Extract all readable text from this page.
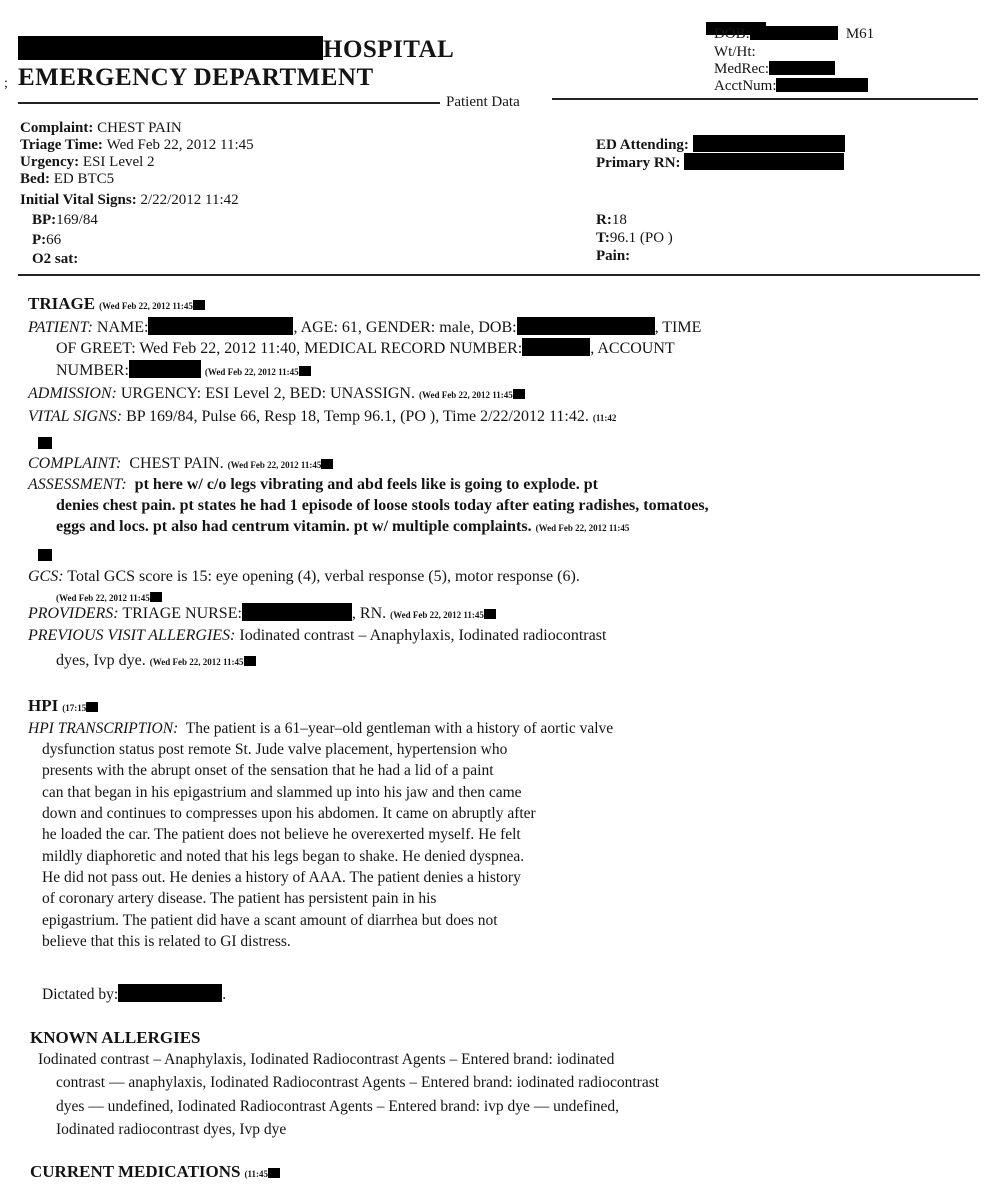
;
HOSPITAL
EMERGENCY DEPARTMENT
DOB:	M61
Wt/Ht:
MedRec:
AcctNum:
Patient Data
Complaint: CHEST PAIN
Triage Time: Wed Feb 22, 2012 11:45
Urgency: ESI Level 2
Bed: ED BTC5
Initial Vital Signs: 2/22/2012 11:42
BP:169/84
P:66
O2 sat:
ED Attending:
Primary RN:
R:18
T:96.1 (PO )
Pain:
TRIAGE (Wed Feb 22, 2012 11:45
PATIENT: NAME:	, AGE: 61, GENDER: male, DOB:	, TIME
OF GREET: Wed Feb 22, 2012 11:40, MEDICAL RECORD NUMBER:	, ACCOUNT
NUMBER:	(Wed Feb 22, 2012 11:45
ADMISSION: URGENCY: ESI Level 2, BED: UNASSIGN. (Wed Feb 22, 2012 11:45
VITAL SIGNS: BP 169/84, Pulse 66, Resp 18, Temp 96.1, (PO ), Time 2/22/2012 11:42. (11:42
COMPLAINT: CHEST PAIN. (Wed Feb 22, 2012 11:45
ASSESSMENT: pt here w/ c/o legs vibrating and abd feels like is going to explode. pt
denies chest pain. pt states he had 1 episode of loose stools today after eating radishes, tomatoes,
eggs and locs. pt also had centrum vitamin. pt w/ multiple complaints. (Wed Feb 22, 2012 11:45
GCS: Total GCS score is 15: eye opening (4), verbal response (5), motor response (6).
(Wed Feb 22, 2012 11:45
PROVIDERS: TRIAGE NURSE:	, RN. (Wed Feb 22, 2012 11:45
PREVIOUS VISIT ALLERGIES: Iodinated contrast – Anaphylaxis, Iodinated radiocontrast
dyes, Ivp dye. (Wed Feb 22, 2012 11:45
HPI (17:15
HPI TRANSCRIPTION: The patient is a 61–year–old gentleman with a history of aortic valve
dysfunction status post remote St. Jude valve placement, hypertension who
presents with the abrupt onset of the sensation that he had a lid of a paint
can that began in his epigastrium and slammed up into his jaw and then came
down and continues to compresses upon his abdomen. It came on abruptly after
he loaded the car. The patient does not believe he overexerted myself. He felt
mildly diaphoretic and noted that his legs began to shake. He denied dyspnea.
He did not pass out. He denies a history of AAA. The patient denies a history
of coronary artery disease. The patient has persistent pain in his
epigastrium. The patient did have a scant amount of diarrhea but does not
believe that this is related to GI distress.
Dictated by:	.
KNOWN ALLERGIES
Iodinated contrast – Anaphylaxis, Iodinated Radiocontrast Agents – Entered brand: iodinated
contrast –– anaphylaxis, Iodinated Radiocontrast Agents – Entered brand: iodinated radiocontrast
dyes — undefined, Iodinated Radiocontrast Agents – Entered brand: ivp dye — undefined,
Iodinated radiocontrast dyes, Ivp dye
CURRENT MEDICATIONS (11:45
